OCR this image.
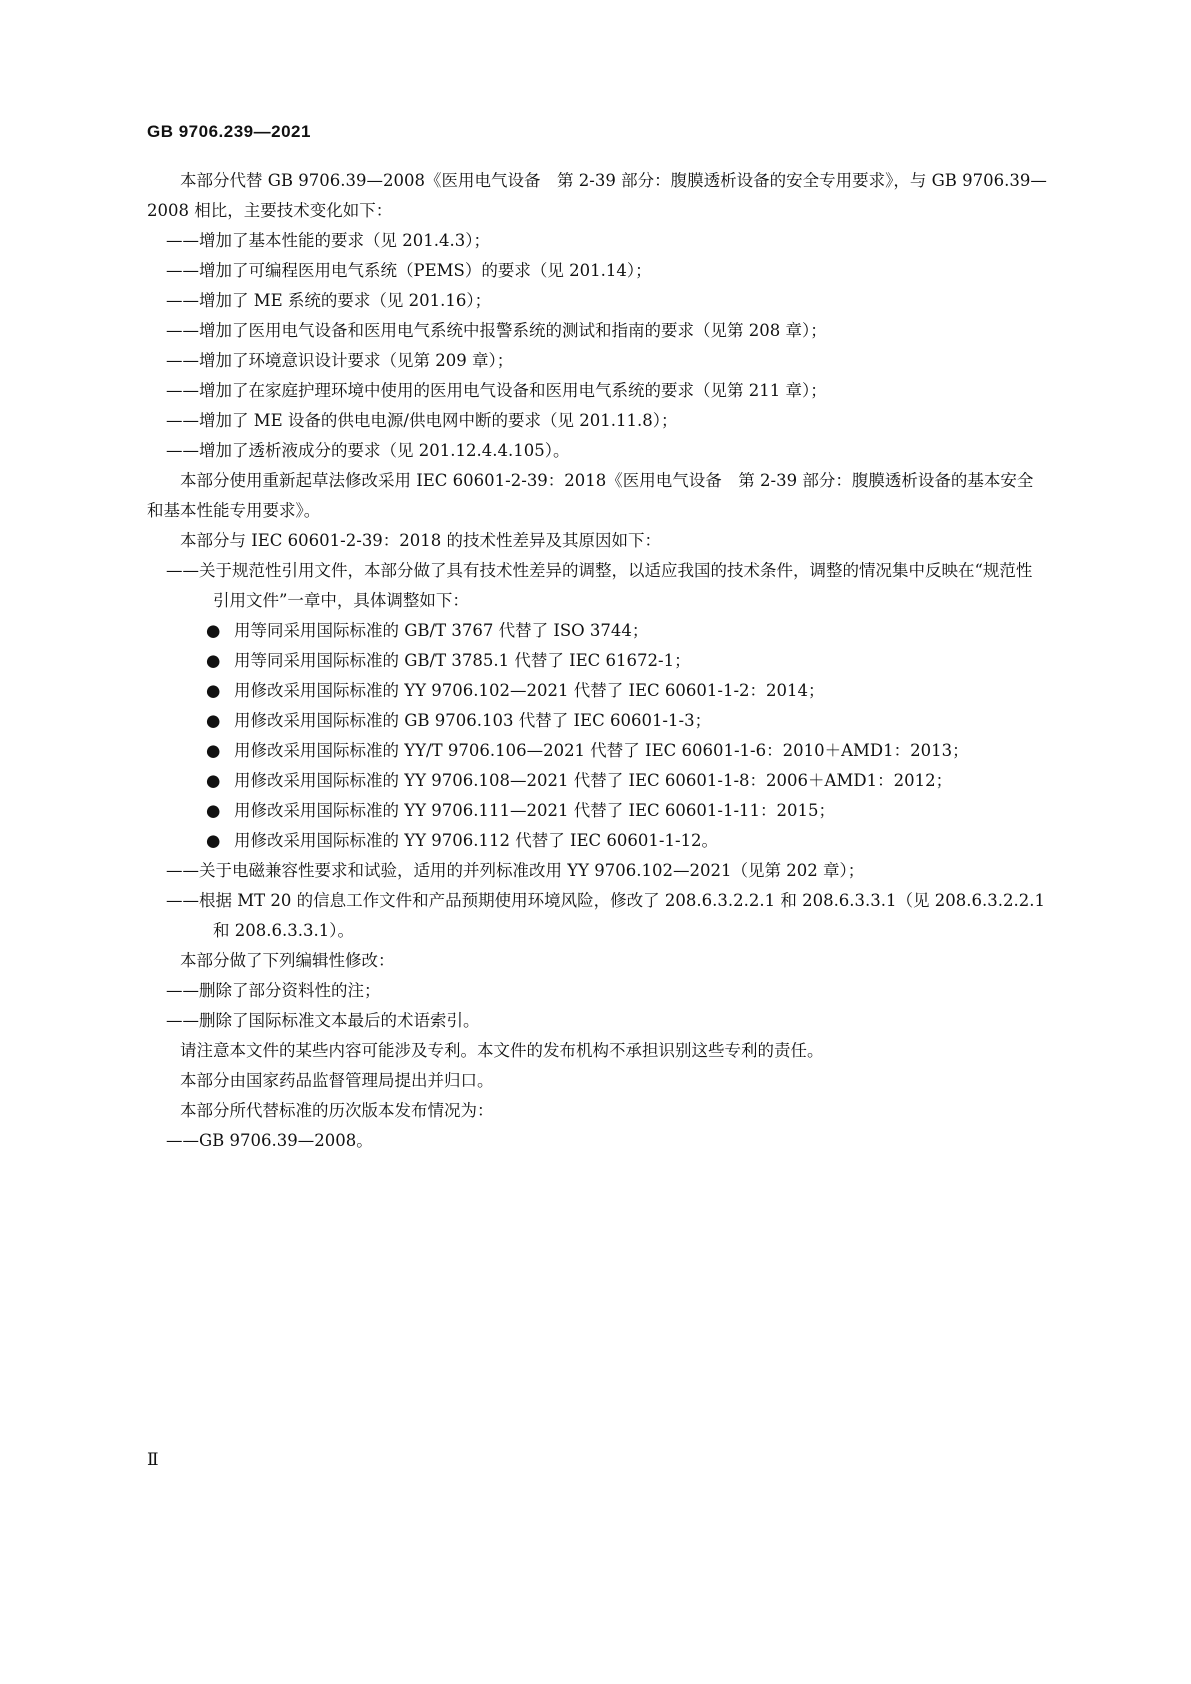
GB 9706.239—2021

本部分代替 GB 9706.39—2008《医用电气设备　第 2-39 部分：腹膜透析设备的安全专用要求》，与 GB 9706.39—2008 相比，主要技术变化如下：

——增加了基本性能的要求（见 201.4.3）；

——增加了可编程医用电气系统（PEMS）的要求（见 201.14）；

——增加了 ME 系统的要求（见 201.16）；

——增加了医用电气设备和医用电气系统中报警系统的测试和指南的要求（见第 208 章）；

——增加了环境意识设计要求（见第 209 章）；

——增加了在家庭护理环境中使用的医用电气设备和医用电气系统的要求（见第 211 章）；

——增加了 ME 设备的供电电源/供电网中断的要求（见 201.11.8）；

——增加了透析液成分的要求（见 201.12.4.4.105）。

本部分使用重新起草法修改采用 IEC 60601-2-39：2018《医用电气设备　第 2-39 部分：腹膜透析设备的基本安全和基本性能专用要求》。

本部分与 IEC 60601-2-39：2018 的技术性差异及其原因如下：

——关于规范性引用文件，本部分做了具有技术性差异的调整，以适应我国的技术条件，调整的情况集中反映在“规范性引用文件”一章中，具体调整如下：

● 用等同采用国际标准的 GB/T 3767 代替了 ISO 3744；

● 用等同采用国际标准的 GB/T 3785.1 代替了 IEC 61672-1；

● 用修改采用国际标准的 YY 9706.102—2021 代替了 IEC 60601-1-2：2014；

● 用修改采用国际标准的 GB 9706.103 代替了 IEC 60601-1-3；

● 用修改采用国际标准的 YY/T 9706.106—2021 代替了 IEC 60601-1-6：2010＋AMD1：2013；

● 用修改采用国际标准的 YY 9706.108—2021 代替了 IEC 60601-1-8：2006＋AMD1：2012；

● 用修改采用国际标准的 YY 9706.111—2021 代替了 IEC 60601-1-11：2015；

● 用修改采用国际标准的 YY 9706.112 代替了 IEC 60601-1-12。

——关于电磁兼容性要求和试验，适用的并列标准改用 YY 9706.102—2021（见第 202 章）；

——根据 MT 20 的信息工作文件和产品预期使用环境风险，修改了 208.6.3.2.2.1 和 208.6.3.3.1（见 208.6.3.2.2.1 和 208.6.3.3.1）。

本部分做了下列编辑性修改：

——删除了部分资料性的注；

——删除了国际标准文本最后的术语索引。

请注意本文件的某些内容可能涉及专利。本文件的发布机构不承担识别这些专利的责任。

本部分由国家药品监督管理局提出并归口。

本部分所代替标准的历次版本发布情况为：

——GB 9706.39—2008。

Ⅱ
